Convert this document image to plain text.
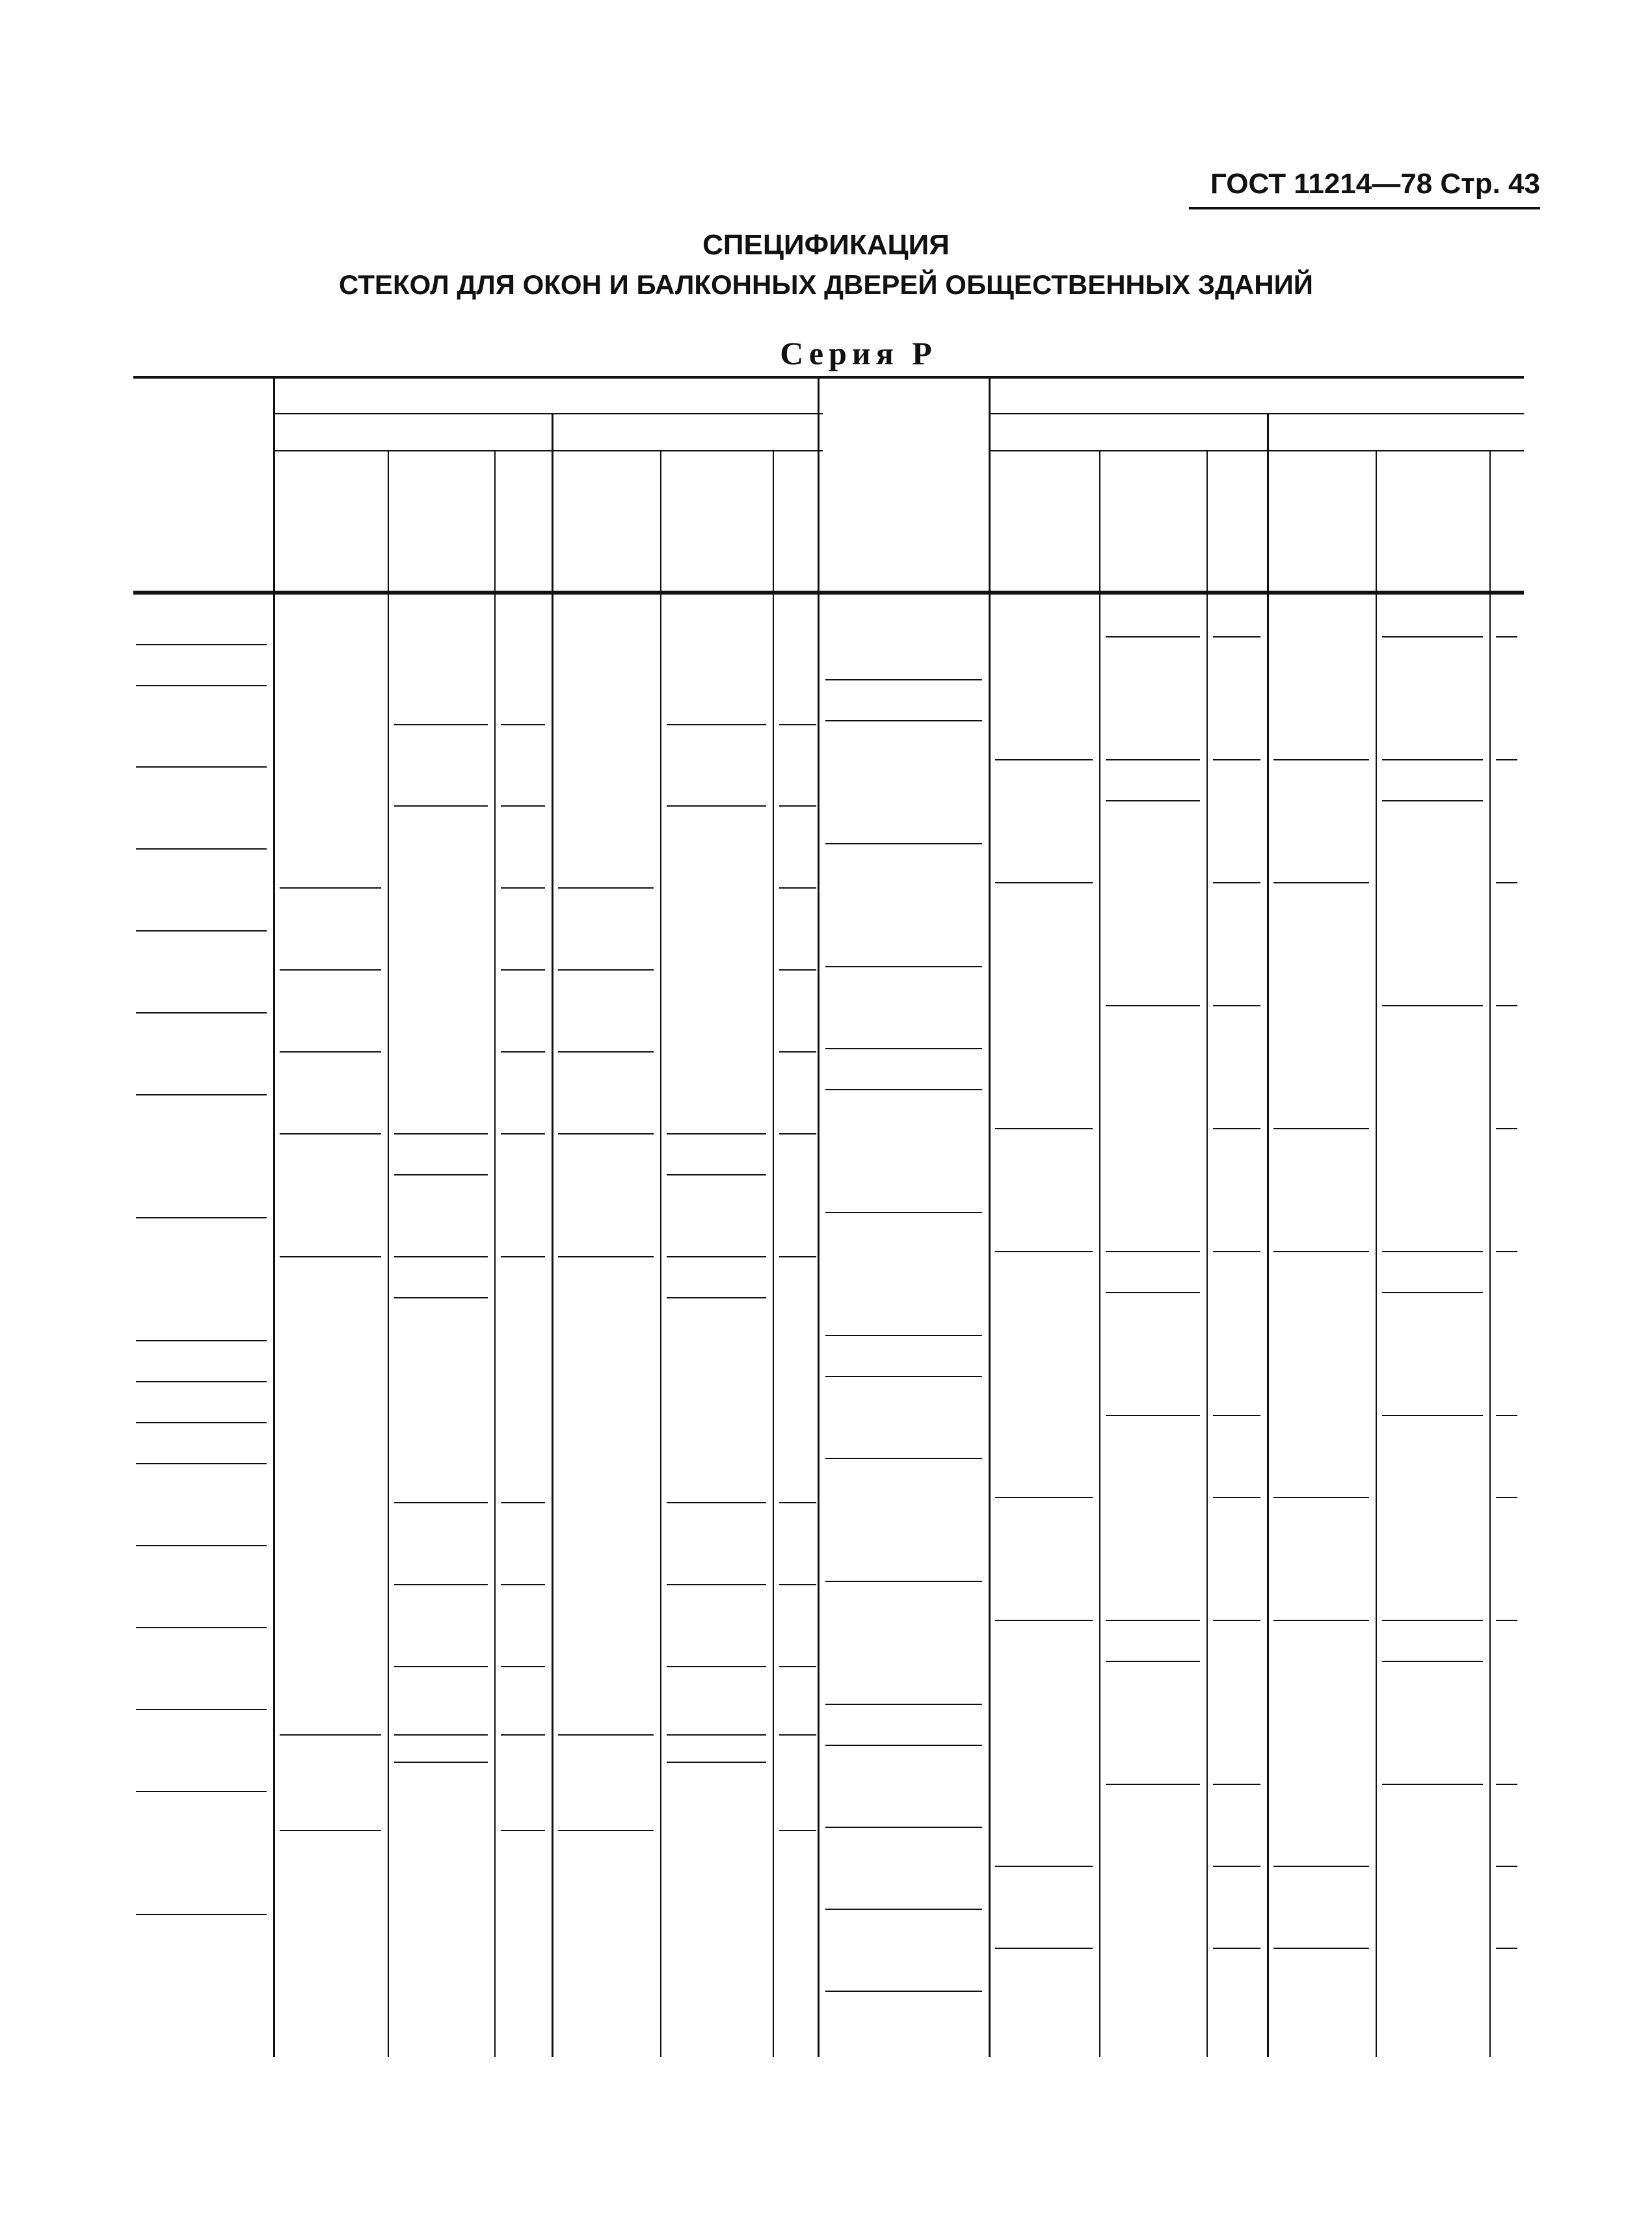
ГОСТ 11214—78 Стр. 43
СПЕЦИФИКАЦИЯ
СТЕКОЛ ДЛЯ ОКОН И БАЛКОННЫХ ДВЕРЕЙ ОБЩЕСТВЕННЫХ ЗДАНИЙ
Серия Р
